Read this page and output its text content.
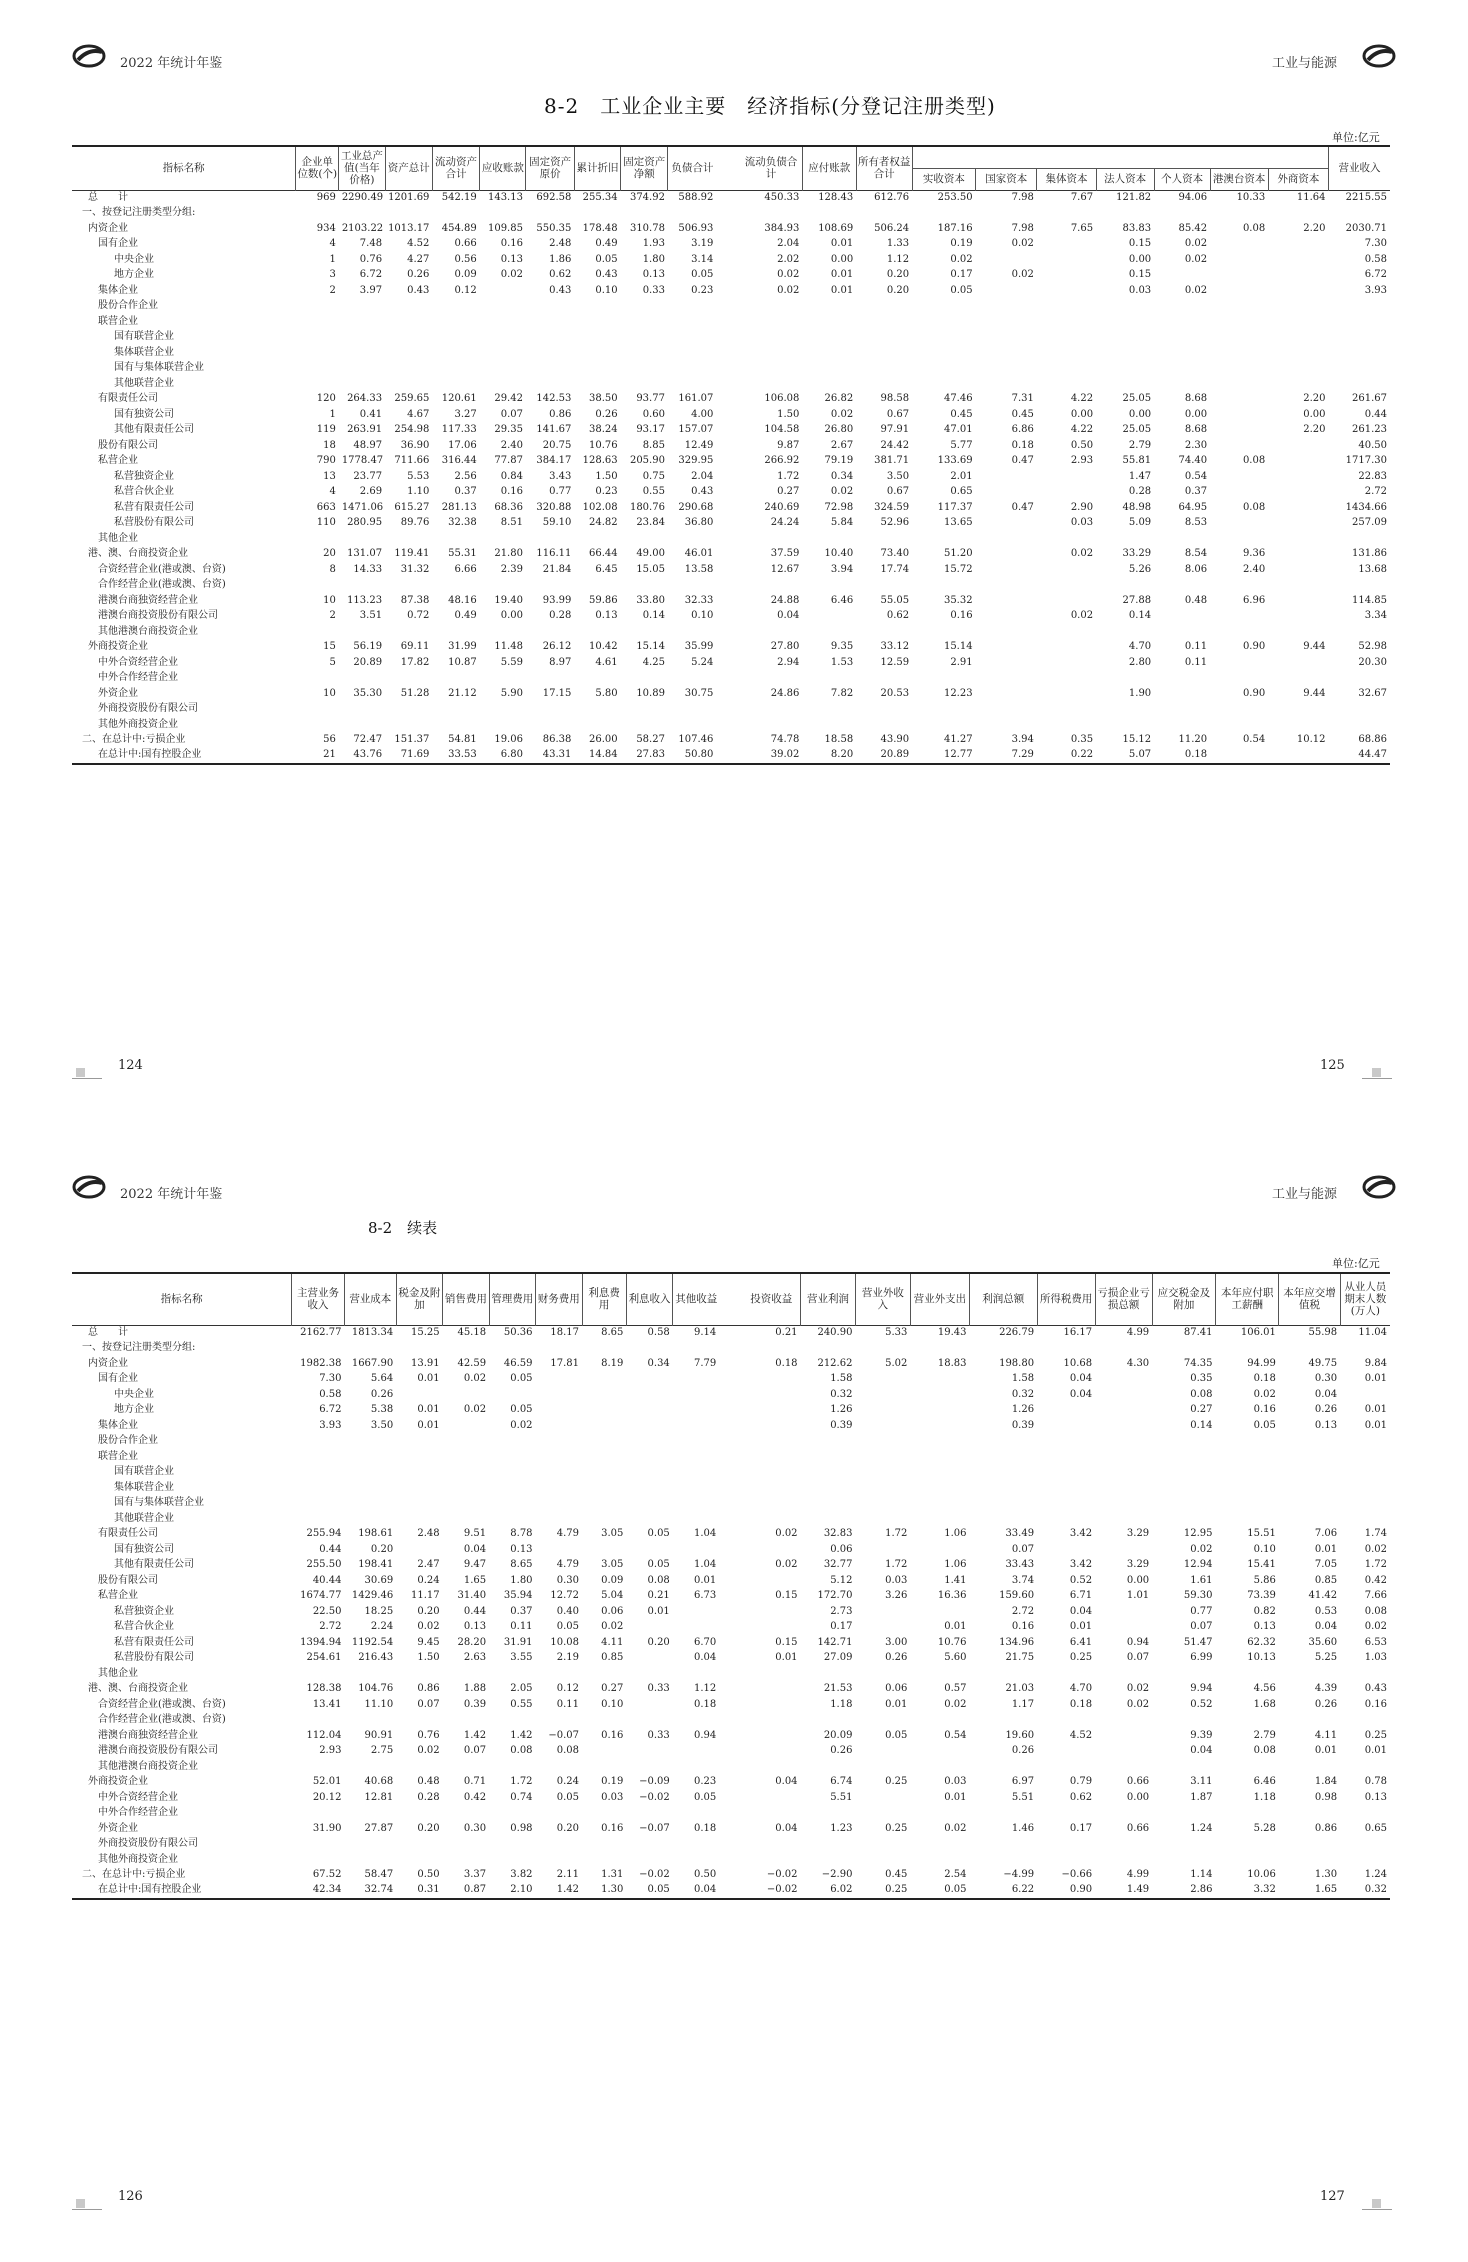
2022 年统计年鉴	工业与能源
8-2　工业企业主要　经济指标(分登记注册类型)
单位:亿元
指标名称	企业单位数(个)	工业总产值(当年价格)	资产总计	流动资产合计	应收账款	固定资产原价	累计折旧	固定资产净额	负债合计		流动负债合计	应付账款	所有者权益合计								营业收入
														实收资本	国家资本	集体资本	法人资本	个人资本	港澳台资本	外商资本	
总　　计	969	2290.49	1201.69	542.19	143.13	692.58	255.34	374.92	588.92		450.33	128.43	612.76	253.50	7.98	7.67	121.82	94.06	10.33	11.64	2215.55
一、按登记注册类型分组:																					
内资企业	934	2103.22	1013.17	454.89	109.85	550.35	178.48	310.78	506.93		384.93	108.69	506.24	187.16	7.98	7.65	83.83	85.42	0.08	2.20	2030.71
国有企业	4	7.48	4.52	0.66	0.16	2.48	0.49	1.93	3.19		2.04	0.01	1.33	0.19	0.02		0.15	0.02			7.30
中央企业	1	0.76	4.27	0.56	0.13	1.86	0.05	1.80	3.14		2.02	0.00	1.12	0.02			0.00	0.02			0.58
地方企业	3	6.72	0.26	0.09	0.02	0.62	0.43	0.13	0.05		0.02	0.01	0.20	0.17	0.02		0.15				6.72
集体企业	2	3.97	0.43	0.12		0.43	0.10	0.33	0.23		0.02	0.01	0.20	0.05			0.03	0.02			3.93
股份合作企业																					
联营企业																					
国有联营企业																					
集体联营企业																					
国有与集体联营企业																					
其他联营企业																					
有限责任公司	120	264.33	259.65	120.61	29.42	142.53	38.50	93.77	161.07		106.08	26.82	98.58	47.46	7.31	4.22	25.05	8.68		2.20	261.67
国有独资公司	1	0.41	4.67	3.27	0.07	0.86	0.26	0.60	4.00		1.50	0.02	0.67	0.45	0.45	0.00	0.00	0.00		0.00	0.44
其他有限责任公司	119	263.91	254.98	117.33	29.35	141.67	38.24	93.17	157.07		104.58	26.80	97.91	47.01	6.86	4.22	25.05	8.68		2.20	261.23
股份有限公司	18	48.97	36.90	17.06	2.40	20.75	10.76	8.85	12.49		9.87	2.67	24.42	5.77	0.18	0.50	2.79	2.30			40.50
私营企业	790	1778.47	711.66	316.44	77.87	384.17	128.63	205.90	329.95		266.92	79.19	381.71	133.69	0.47	2.93	55.81	74.40	0.08		1717.30
私营独资企业	13	23.77	5.53	2.56	0.84	3.43	1.50	0.75	2.04		1.72	0.34	3.50	2.01			1.47	0.54			22.83
私营合伙企业	4	2.69	1.10	0.37	0.16	0.77	0.23	0.55	0.43		0.27	0.02	0.67	0.65			0.28	0.37			2.72
私营有限责任公司	663	1471.06	615.27	281.13	68.36	320.88	102.08	180.76	290.68		240.69	72.98	324.59	117.37	0.47	2.90	48.98	64.95	0.08		1434.66
私营股份有限公司	110	280.95	89.76	32.38	8.51	59.10	24.82	23.84	36.80		24.24	5.84	52.96	13.65		0.03	5.09	8.53			257.09
其他企业																					
港、澳、台商投资企业	20	131.07	119.41	55.31	21.80	116.11	66.44	49.00	46.01		37.59	10.40	73.40	51.20		0.02	33.29	8.54	9.36		131.86
合资经营企业(港或澳、台资)	8	14.33	31.32	6.66	2.39	21.84	6.45	15.05	13.58		12.67	3.94	17.74	15.72			5.26	8.06	2.40		13.68
合作经营企业(港或澳、台资)																					
港澳台商独资经营企业	10	113.23	87.38	48.16	19.40	93.99	59.86	33.80	32.33		24.88	6.46	55.05	35.32			27.88	0.48	6.96		114.85
港澳台商投资股份有限公司	2	3.51	0.72	0.49	0.00	0.28	0.13	0.14	0.10		0.04		0.62	0.16		0.02	0.14				3.34
其他港澳台商投资企业																					
外商投资企业	15	56.19	69.11	31.99	11.48	26.12	10.42	15.14	35.99		27.80	9.35	33.12	15.14			4.70	0.11	0.90	9.44	52.98
中外合资经营企业	5	20.89	17.82	10.87	5.59	8.97	4.61	4.25	5.24		2.94	1.53	12.59	2.91			2.80	0.11			20.30
中外合作经营企业																					
外资企业	10	35.30	51.28	21.12	5.90	17.15	5.80	10.89	30.75		24.86	7.82	20.53	12.23			1.90		0.90	9.44	32.67
外商投资股份有限公司																					
其他外商投资企业																					
二、在总计中:亏损企业	56	72.47	151.37	54.81	19.06	86.38	26.00	58.27	107.46		74.78	18.58	43.90	41.27	3.94	0.35	15.12	11.20	0.54	10.12	68.86
在总计中:国有控股企业	21	43.76	71.69	33.53	6.80	43.31	14.84	27.83	50.80		39.02	8.20	20.89	12.77	7.29	0.22	5.07	0.18			44.47
124	125
2022 年统计年鉴	工业与能源
8-2　续表
单位:亿元
指标名称	主营业务收入	营业成本	税金及附加	销售费用	管理费用	财务费用	利息费用	利息收入	其他收益		投资收益	营业利润	营业外收入	营业外支出	利润总额	所得税费用	亏损企业亏损总额	应交税金及附加	本年应付职工薪酬	本年应交增值税	从业人员期末人数(万人)
总　　计	2162.77	1813.34	15.25	45.18	50.36	18.17	8.65	0.58	9.14		0.21	240.90	5.33	19.43	226.79	16.17	4.99	87.41	106.01	55.98	11.04
一、按登记注册类型分组:																					
内资企业	1982.38	1667.90	13.91	42.59	46.59	17.81	8.19	0.34	7.79		0.18	212.62	5.02	18.83	198.80	10.68	4.30	74.35	94.99	49.75	9.84
国有企业	7.30	5.64	0.01	0.02	0.05							1.58			1.58	0.04		0.35	0.18	0.30	0.01
中央企业	0.58	0.26										0.32			0.32	0.04		0.08	0.02	0.04	
地方企业	6.72	5.38	0.01	0.02	0.05							1.26			1.26			0.27	0.16	0.26	0.01
集体企业	3.93	3.50	0.01		0.02							0.39			0.39			0.14	0.05	0.13	0.01
股份合作企业																					
联营企业																					
国有联营企业																					
集体联营企业																					
国有与集体联营企业																					
其他联营企业																					
有限责任公司	255.94	198.61	2.48	9.51	8.78	4.79	3.05	0.05	1.04		0.02	32.83	1.72	1.06	33.49	3.42	3.29	12.95	15.51	7.06	1.74
国有独资公司	0.44	0.20		0.04	0.13							0.06			0.07			0.02	0.10	0.01	0.02
其他有限责任公司	255.50	198.41	2.47	9.47	8.65	4.79	3.05	0.05	1.04		0.02	32.77	1.72	1.06	33.43	3.42	3.29	12.94	15.41	7.05	1.72
股份有限公司	40.44	30.69	0.24	1.65	1.80	0.30	0.09	0.08	0.01			5.12	0.03	1.41	3.74	0.52	0.00	1.61	5.86	0.85	0.42
私营企业	1674.77	1429.46	11.17	31.40	35.94	12.72	5.04	0.21	6.73		0.15	172.70	3.26	16.36	159.60	6.71	1.01	59.30	73.39	41.42	7.66
私营独资企业	22.50	18.25	0.20	0.44	0.37	0.40	0.06	0.01				2.73			2.72	0.04		0.77	0.82	0.53	0.08
私营合伙企业	2.72	2.24	0.02	0.13	0.11	0.05	0.02					0.17		0.01	0.16	0.01		0.07	0.13	0.04	0.02
私营有限责任公司	1394.94	1192.54	9.45	28.20	31.91	10.08	4.11	0.20	6.70		0.15	142.71	3.00	10.76	134.96	6.41	0.94	51.47	62.32	35.60	6.53
私营股份有限公司	254.61	216.43	1.50	2.63	3.55	2.19	0.85		0.04		0.01	27.09	0.26	5.60	21.75	0.25	0.07	6.99	10.13	5.25	1.03
其他企业																					
港、澳、台商投资企业	128.38	104.76	0.86	1.88	2.05	0.12	0.27	0.33	1.12			21.53	0.06	0.57	21.03	4.70	0.02	9.94	4.56	4.39	0.43
合资经营企业(港或澳、台资)	13.41	11.10	0.07	0.39	0.55	0.11	0.10		0.18			1.18	0.01	0.02	1.17	0.18	0.02	0.52	1.68	0.26	0.16
合作经营企业(港或澳、台资)																					
港澳台商独资经营企业	112.04	90.91	0.76	1.42	1.42	−0.07	0.16	0.33	0.94			20.09	0.05	0.54	19.60	4.52		9.39	2.79	4.11	0.25
港澳台商投资股份有限公司	2.93	2.75	0.02	0.07	0.08	0.08						0.26			0.26			0.04	0.08	0.01	0.01
其他港澳台商投资企业																					
外商投资企业	52.01	40.68	0.48	0.71	1.72	0.24	0.19	−0.09	0.23		0.04	6.74	0.25	0.03	6.97	0.79	0.66	3.11	6.46	1.84	0.78
中外合资经营企业	20.12	12.81	0.28	0.42	0.74	0.05	0.03	−0.02	0.05			5.51		0.01	5.51	0.62	0.00	1.87	1.18	0.98	0.13
中外合作经营企业																					
外资企业	31.90	27.87	0.20	0.30	0.98	0.20	0.16	−0.07	0.18		0.04	1.23	0.25	0.02	1.46	0.17	0.66	1.24	5.28	0.86	0.65
外商投资股份有限公司																					
其他外商投资企业																					
二、在总计中:亏损企业	67.52	58.47	0.50	3.37	3.82	2.11	1.31	−0.02	0.50		−0.02	−2.90	0.45	2.54	−4.99	−0.66	4.99	1.14	10.06	1.30	1.24
在总计中:国有控股企业	42.34	32.74	0.31	0.87	2.10	1.42	1.30	0.05	0.04		−0.02	6.02	0.25	0.05	6.22	0.90	1.49	2.86	3.32	1.65	0.32
126	127
